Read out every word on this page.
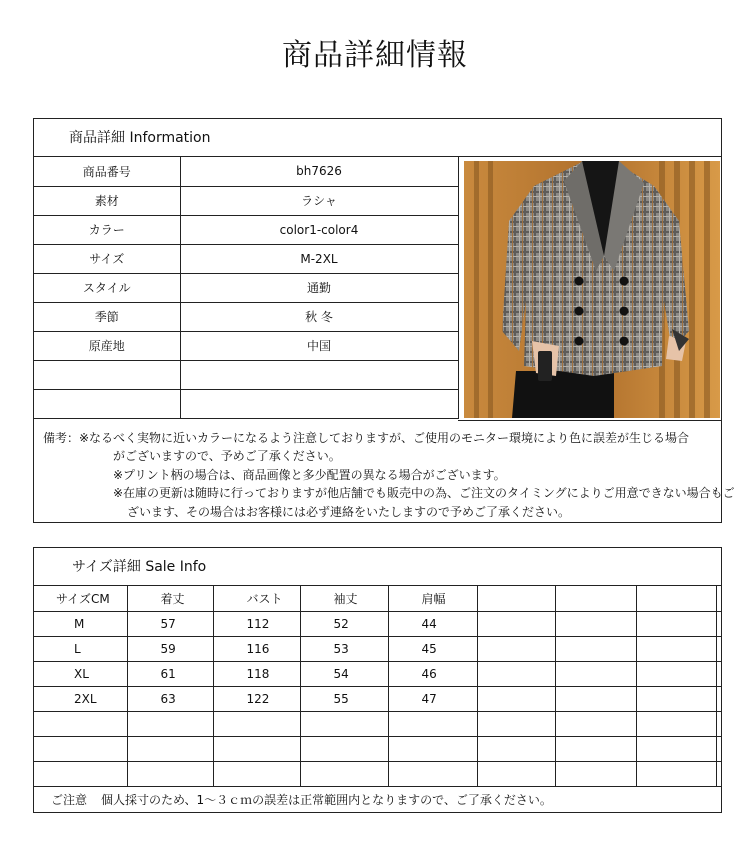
商品詳細情報
商品詳細 Information
商品番号	bh7626
素材	ラシャ
カラー	color1-color4
サイズ	M-2XL
スタイル	通勤
季節	秋 冬
原産地	中国

備考：※なるべく実物に近いカラーになるよう注意しておりますが、ご使用のモニター環境により色に誤差が生じる場合
がございますので、予めご了承ください。
※プリント柄の場合は、商品画像と多少配置の異なる場合がございます。
※在庫の更新は随時に行っておりますが他店舗でも販売中の為、ご注文のタイミングによりご用意できない場合もご
ざいます、その場合はお客様には必ず連絡をいたしますので予めご了承ください。
サイズ詳細 Sale Info
サイズCM	着丈	バスト	袖丈	肩幅				
M	57	112	52	44				
L	59	116	53	45				
XL	61	118	54	46				
2XL	63	122	55	47				

ご注意 個人採寸のため、1～３ｃｍの誤差は正常範囲内となりますので、ご了承ください。
